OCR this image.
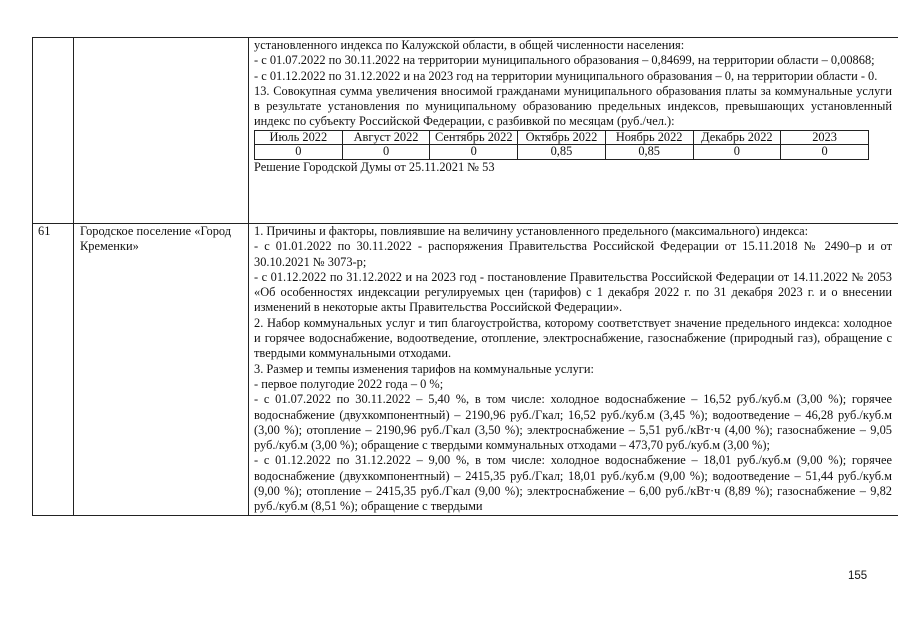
установленного индекса по Калужской области, в общей численности населения:

- с 01.07.2022 по 30.11.2022 на территории муниципального образования – 0,84699, на территории области – 0,00868;

- с 01.12.2022 по 31.12.2022 и на 2023 год на территории муниципального образования – 0, на территории области - 0.

13. Совокупная сумма увеличения вносимой гражданами муниципального образования платы за коммунальные услуги в результате установления по муниципальному образованию предельных индексов, превышающих установленный индекс по субъекту Российской Федерации, с разбивкой по месяцам (руб./чел.):

Июль 2022	Август 2022	Сентябрь 2022	Октябрь 2022	Ноябрь 2022	Декабрь 2022	2023
0	0	0	0,85	0,85	0	0

Решение Городской Думы от 25.11.2021 № 53

61	Городское поселение «Город Кременки»	

1. Причины и факторы, повлиявшие на величину установленного предельного (максимального) индекса:

- с 01.01.2022 по 30.11.2022 - распоряжения Правительства Российской Федерации от 15.11.2018 № 2490–р и от 30.10.2021 № 3073-р;

- с 01.12.2022 по 31.12.2022 и на 2023 год - постановление Правительства Российской Федерации от 14.11.2022 № 2053 «Об особенностях индексации регулируемых цен (тарифов) с 1 декабря 2022 г. по 31 декабря 2023 г. и о внесении изменений в некоторые акты Правительства Российской Федерации».

2. Набор коммунальных услуг и тип благоустройства, которому соответствует значение предельного индекса: холодное и горячее водоснабжение, водоотведение, отопление, электроснабжение, газоснабжение (природный газ), обращение с твердыми коммунальными отходами.

3. Размер и темпы изменения тарифов на коммунальные услуги:

- первое полугодие 2022 года – 0 %;

- с 01.07.2022 по 30.11.2022 – 5,40 %, в том числе: холодное водоснабжение – 16,52 руб./куб.м (3,00 %); горячее водоснабжение (двухкомпонентный) – 2190,96 руб./Гкал; 16,52 руб./куб.м (3,45 %); водоотведение – 46,28 руб./куб.м (3,00 %); отопление – 2190,96 руб./Гкал (3,50 %); электроснабжение – 5,51 руб./кВт·ч (4,00 %); газоснабжение – 9,05 руб./куб.м (3,00 %); обращение с твердыми коммунальных отходами – 473,70 руб./куб.м (3,00 %);

- с 01.12.2022 по 31.12.2022 – 9,00 %, в том числе: холодное водоснабжение – 18,01 руб./куб.м (9,00 %); горячее водоснабжение (двухкомпонентный) – 2415,35 руб./Гкал; 18,01 руб./куб.м (9,00 %); водоотведение – 51,44 руб./куб.м (9,00 %); отопление – 2415,35 руб./Гкал (9,00 %); электроснабжение – 6,00 руб./кВт·ч (8,89 %); газоснабжение – 9,82 руб./куб.м (8,51 %); обращение с твердыми

155
